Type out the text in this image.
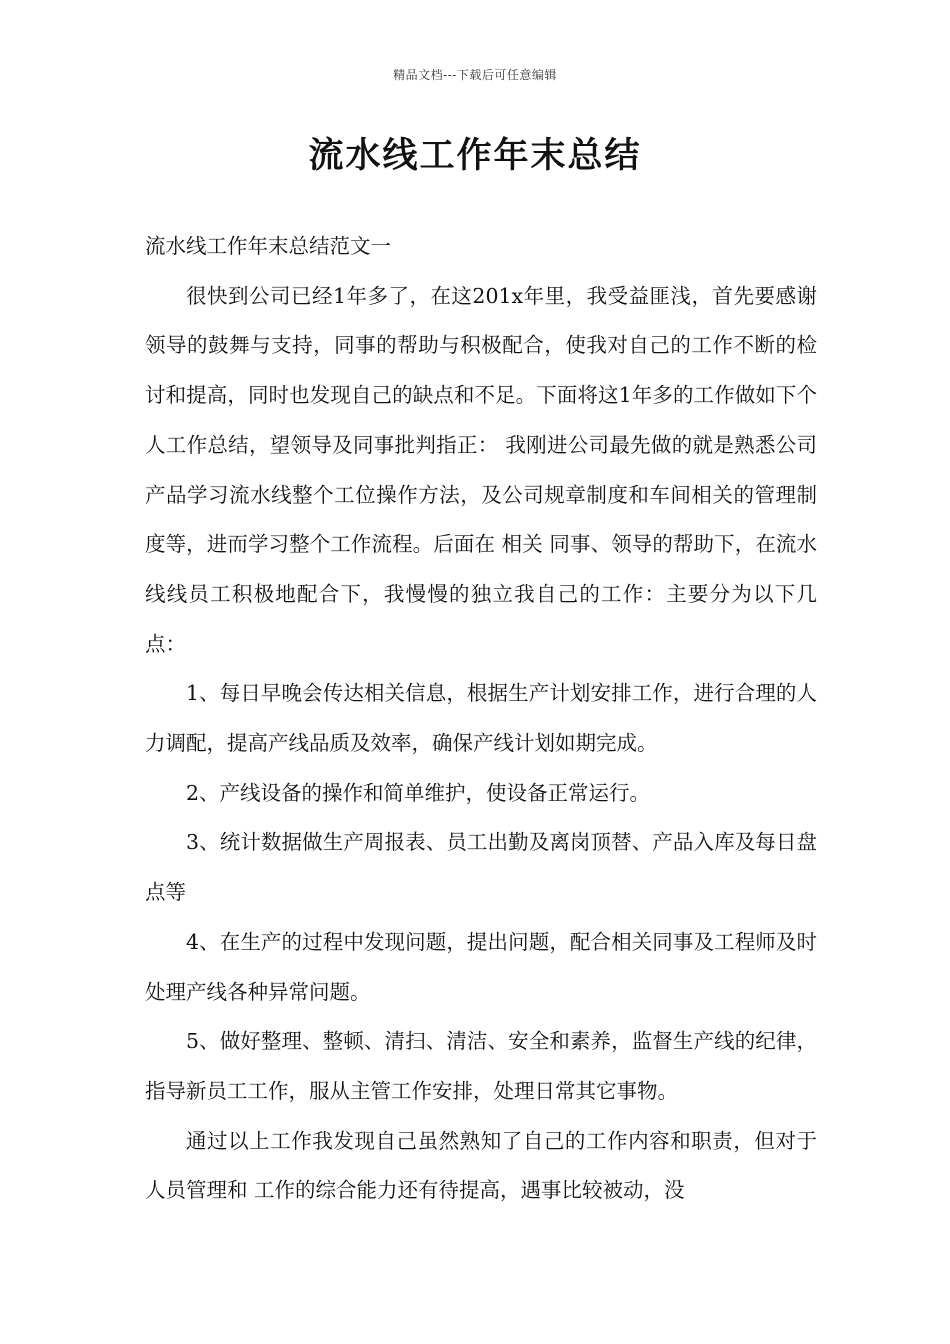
精品文档---下载后可任意编辑
流水线工作年末总结

流水线工作年末总结范文一

很快到公司已经1年多了，在这201x年里，我受益匪浅，首先要感谢领导的鼓舞与支持，同事的帮助与积极配合，使我对自己的工作不断的检讨和提高，同时也发现自己的缺点和不足。下面将这1年多的工作做如下个人工作总结，望领导及同事批判指正： 我刚进公司最先做的就是熟悉公司产品学习流水线整个工位操作方法，及公司规章制度和车间相关的管理制度等，进而学习整个工作流程。后面在 相关 同事、领导的帮助下，在流水线线员工积极地配合下，我慢慢的独立我自己的工作：主要分为以下几点：

1、每日早晚会传达相关信息，根据生产计划安排工作，进行合理的人力调配，提高产线品质及效率，确保产线计划如期完成。

2、产线设备的操作和简单维护，使设备正常运行。

3、统计数据做生产周报表、员工出勤及离岗顶替、产品入库及每日盘点等

4、在生产的过程中发现问题，提出问题，配合相关同事及工程师及时处理产线各种异常问题。

5、做好整理、整顿、清扫、清洁、安全和素养，监督生产线的纪律，指导新员工工作，服从主管工作安排，处理日常其它事物。

通过以上工作我发现自己虽然熟知了自己的工作内容和职责，但对于人员管理和 工作的综合能力还有待提高，遇事比较被动，没
